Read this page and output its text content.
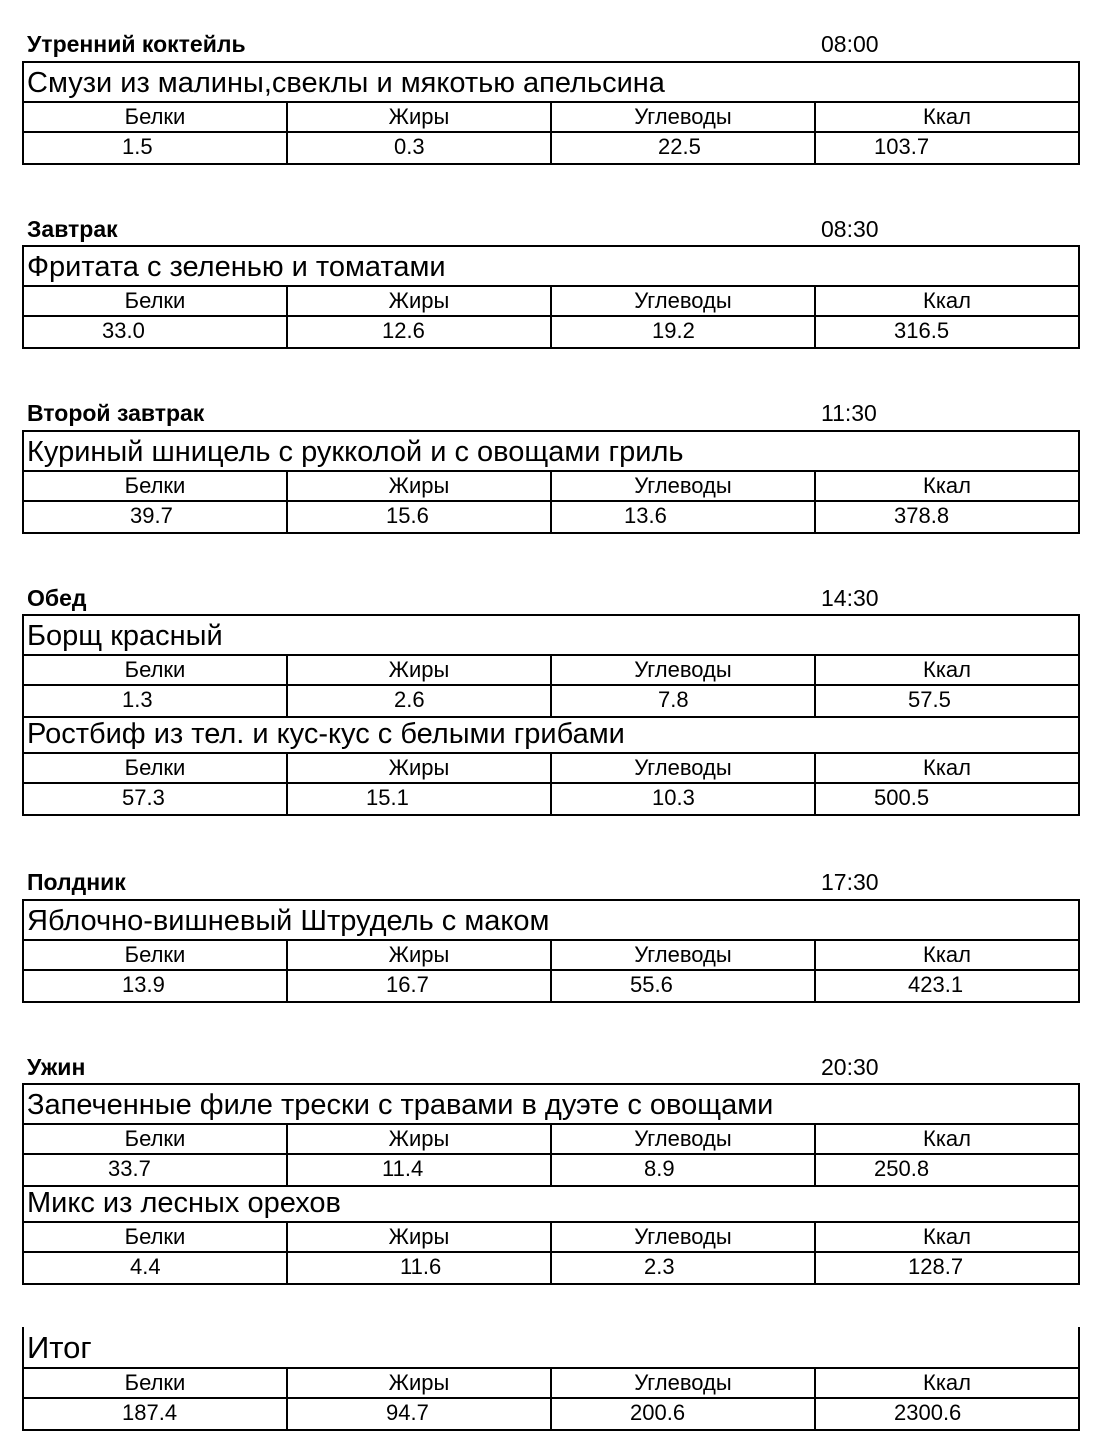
Утренний коктейль	08:00
Смузи из малины,свеклы и мякотью апельсина
Белки	Жиры	Углеводы	Ккал
1.5	0.3	22.5	103.7
Завтрак	08:30
Фритата с зеленью и томатами
Белки	Жиры	Углеводы	Ккал
33.0	12.6	19.2	316.5
Второй завтрак	11:30
Куриный шницель с рукколой и с овощами гриль
Белки	Жиры	Углеводы	Ккал
39.7	15.6	13.6	378.8
Обед	14:30
Борщ красный
Белки	Жиры	Углеводы	Ккал
1.3	2.6	7.8	57.5
Ростбиф из тел. и кус-кус с белыми грибами
Белки	Жиры	Углеводы	Ккал
57.3	15.1	10.3	500.5
Полдник	17:30
Яблочно-вишневый Штрудель с маком
Белки	Жиры	Углеводы	Ккал
13.9	16.7	55.6	423.1
Ужин	20:30
Запеченные филе трески с травами в дуэте с овощами
Белки	Жиры	Углеводы	Ккал
33.7	11.4	8.9	250.8
Микс из лесных орехов
Белки	Жиры	Углеводы	Ккал
4.4	11.6	2.3	128.7
Итог
Белки	Жиры	Углеводы	Ккал
187.4	94.7	200.6	2300.6
